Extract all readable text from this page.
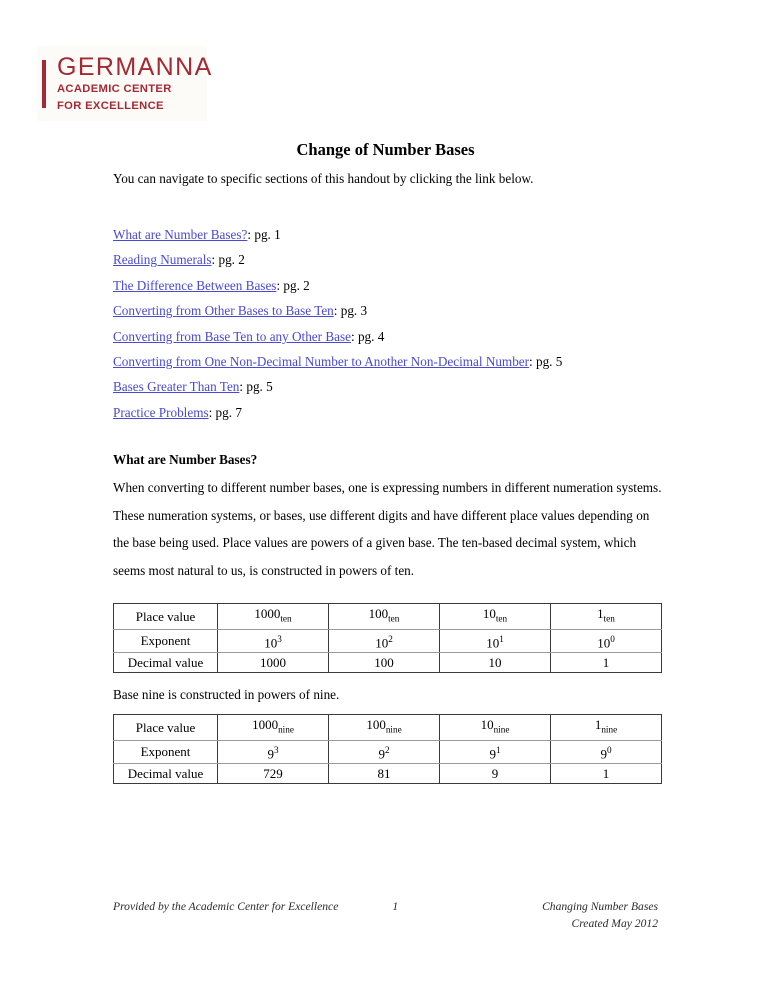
GERMANNA
ACADEMIC CENTER
FOR EXCELLENCE
Change of Number Bases
You can navigate to specific sections of this handout by clicking the link below.
What are Number Bases?: pg. 1
Reading Numerals: pg. 2
The Difference Between Bases: pg. 2
Converting from Other Bases to Base Ten: pg. 3
Converting from Base Ten to any Other Base: pg. 4
Converting from One Non-Decimal Number to Another Non-Decimal Number: pg. 5
Bases Greater Than Ten: pg. 5
Practice Problems: pg. 7
What are Number Bases?
When converting to different number bases, one is expressing numbers in different numeration systems. These numeration systems, or bases, use different digits and have different place values depending on the base being used. Place values are powers of a given base. The ten-based decimal system, which seems most natural to us, is constructed in powers of ten.
Place value	$1000_{ten}$	$100_{ten}$	$10_{ten}$	$1_{ten}$
Exponent	$10^3$	$10^2$	$10^1$	$10^0$
Decimal value	1000	100	10	1
Base nine is constructed in powers of nine.
Place value	$1000_{nine}$	$100_{nine}$	$10_{nine}$	$1_{nine}$
Exponent	$9^3$	$9^2$	$9^1$	$9^0$
Decimal value	729	81	9	1
Provided by the Academic Center for Excellence	1	Changing Number Bases
Created May 2012
